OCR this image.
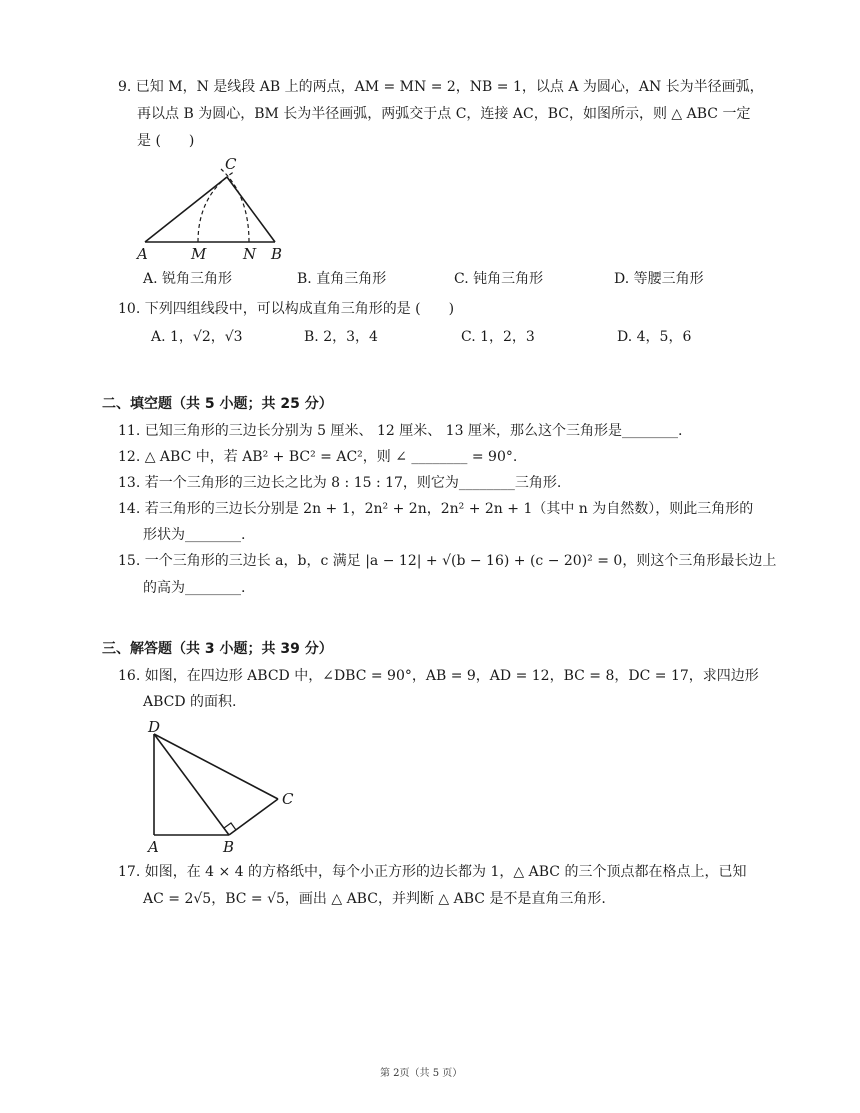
9. 已知 M，N 是线段 AB 上的两点，AM = MN = 2，NB = 1，以点 A 为圆心，AN 长为半径画弧，
再以点 B 为圆心，BM 长为半径画弧，两弧交于点 C，连接 AC，BC，如图所示，则 △ ABC 一定
是 (　　)
A	M N B
C
A. 锐角三角形	B. 直角三角形	C. 钝角三角形	D. 等腰三角形
10. 下列四组线段中，可以构成直角三角形的是 (　　)
A. 1，√2，√3	B. 2，3，4	C. 1，2，3	D. 4，5，6
二、填空题（共 5 小题；共 25 分）
11. 已知三角形的三边长分别为 5 厘米、 12 厘米、 13 厘米，那么这个三角形是________.
12. △ ABC 中，若 AB² + BC² = AC²，则 ∠ ________ = 90°.
13. 若一个三角形的三边长之比为 8 : 15 : 17，则它为________三角形.
14. 若三角形的三边长分别是 2n + 1，2n² + 2n，2n² + 2n + 1（其中 n 为自然数），则此三角形的
形状为________.
15. 一个三角形的三边长 a，b，c 满足 |a − 12| + √(b − 16) + (c − 20)² = 0，则这个三角形最长边上
的高为________.
三、解答题（共 3 小题；共 39 分）
16. 如图，在四边形 ABCD 中，∠DBC = 90°，AB = 9，AD = 12，BC = 8，DC = 17，求四边形
ABCD 的面积.
D
A	B
C
17. 如图，在 4 × 4 的方格纸中，每个小正方形的边长都为 1，△ ABC 的三个顶点都在格点上，已知
AC = 2√5，BC = √5，画出 △ ABC，并判断 △ ABC 是不是直角三角形.
第 2页（共 5 页）
